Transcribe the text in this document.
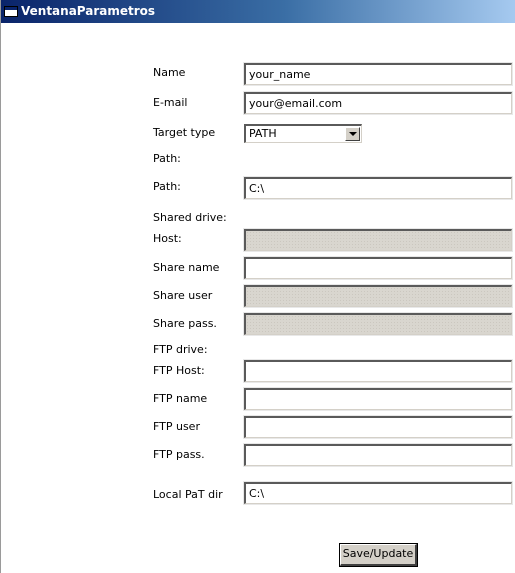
VentanaParametros
Name	your_name
E-mail	your@email.com
Target type	PATH
Path:
Path:	C:\
Shared drive:
Host:
Share name
Share user
Share pass.
FTP drive:
FTP Host:
FTP name
FTP user
FTP pass.
Local PaT dir	C:\
Save/Update
